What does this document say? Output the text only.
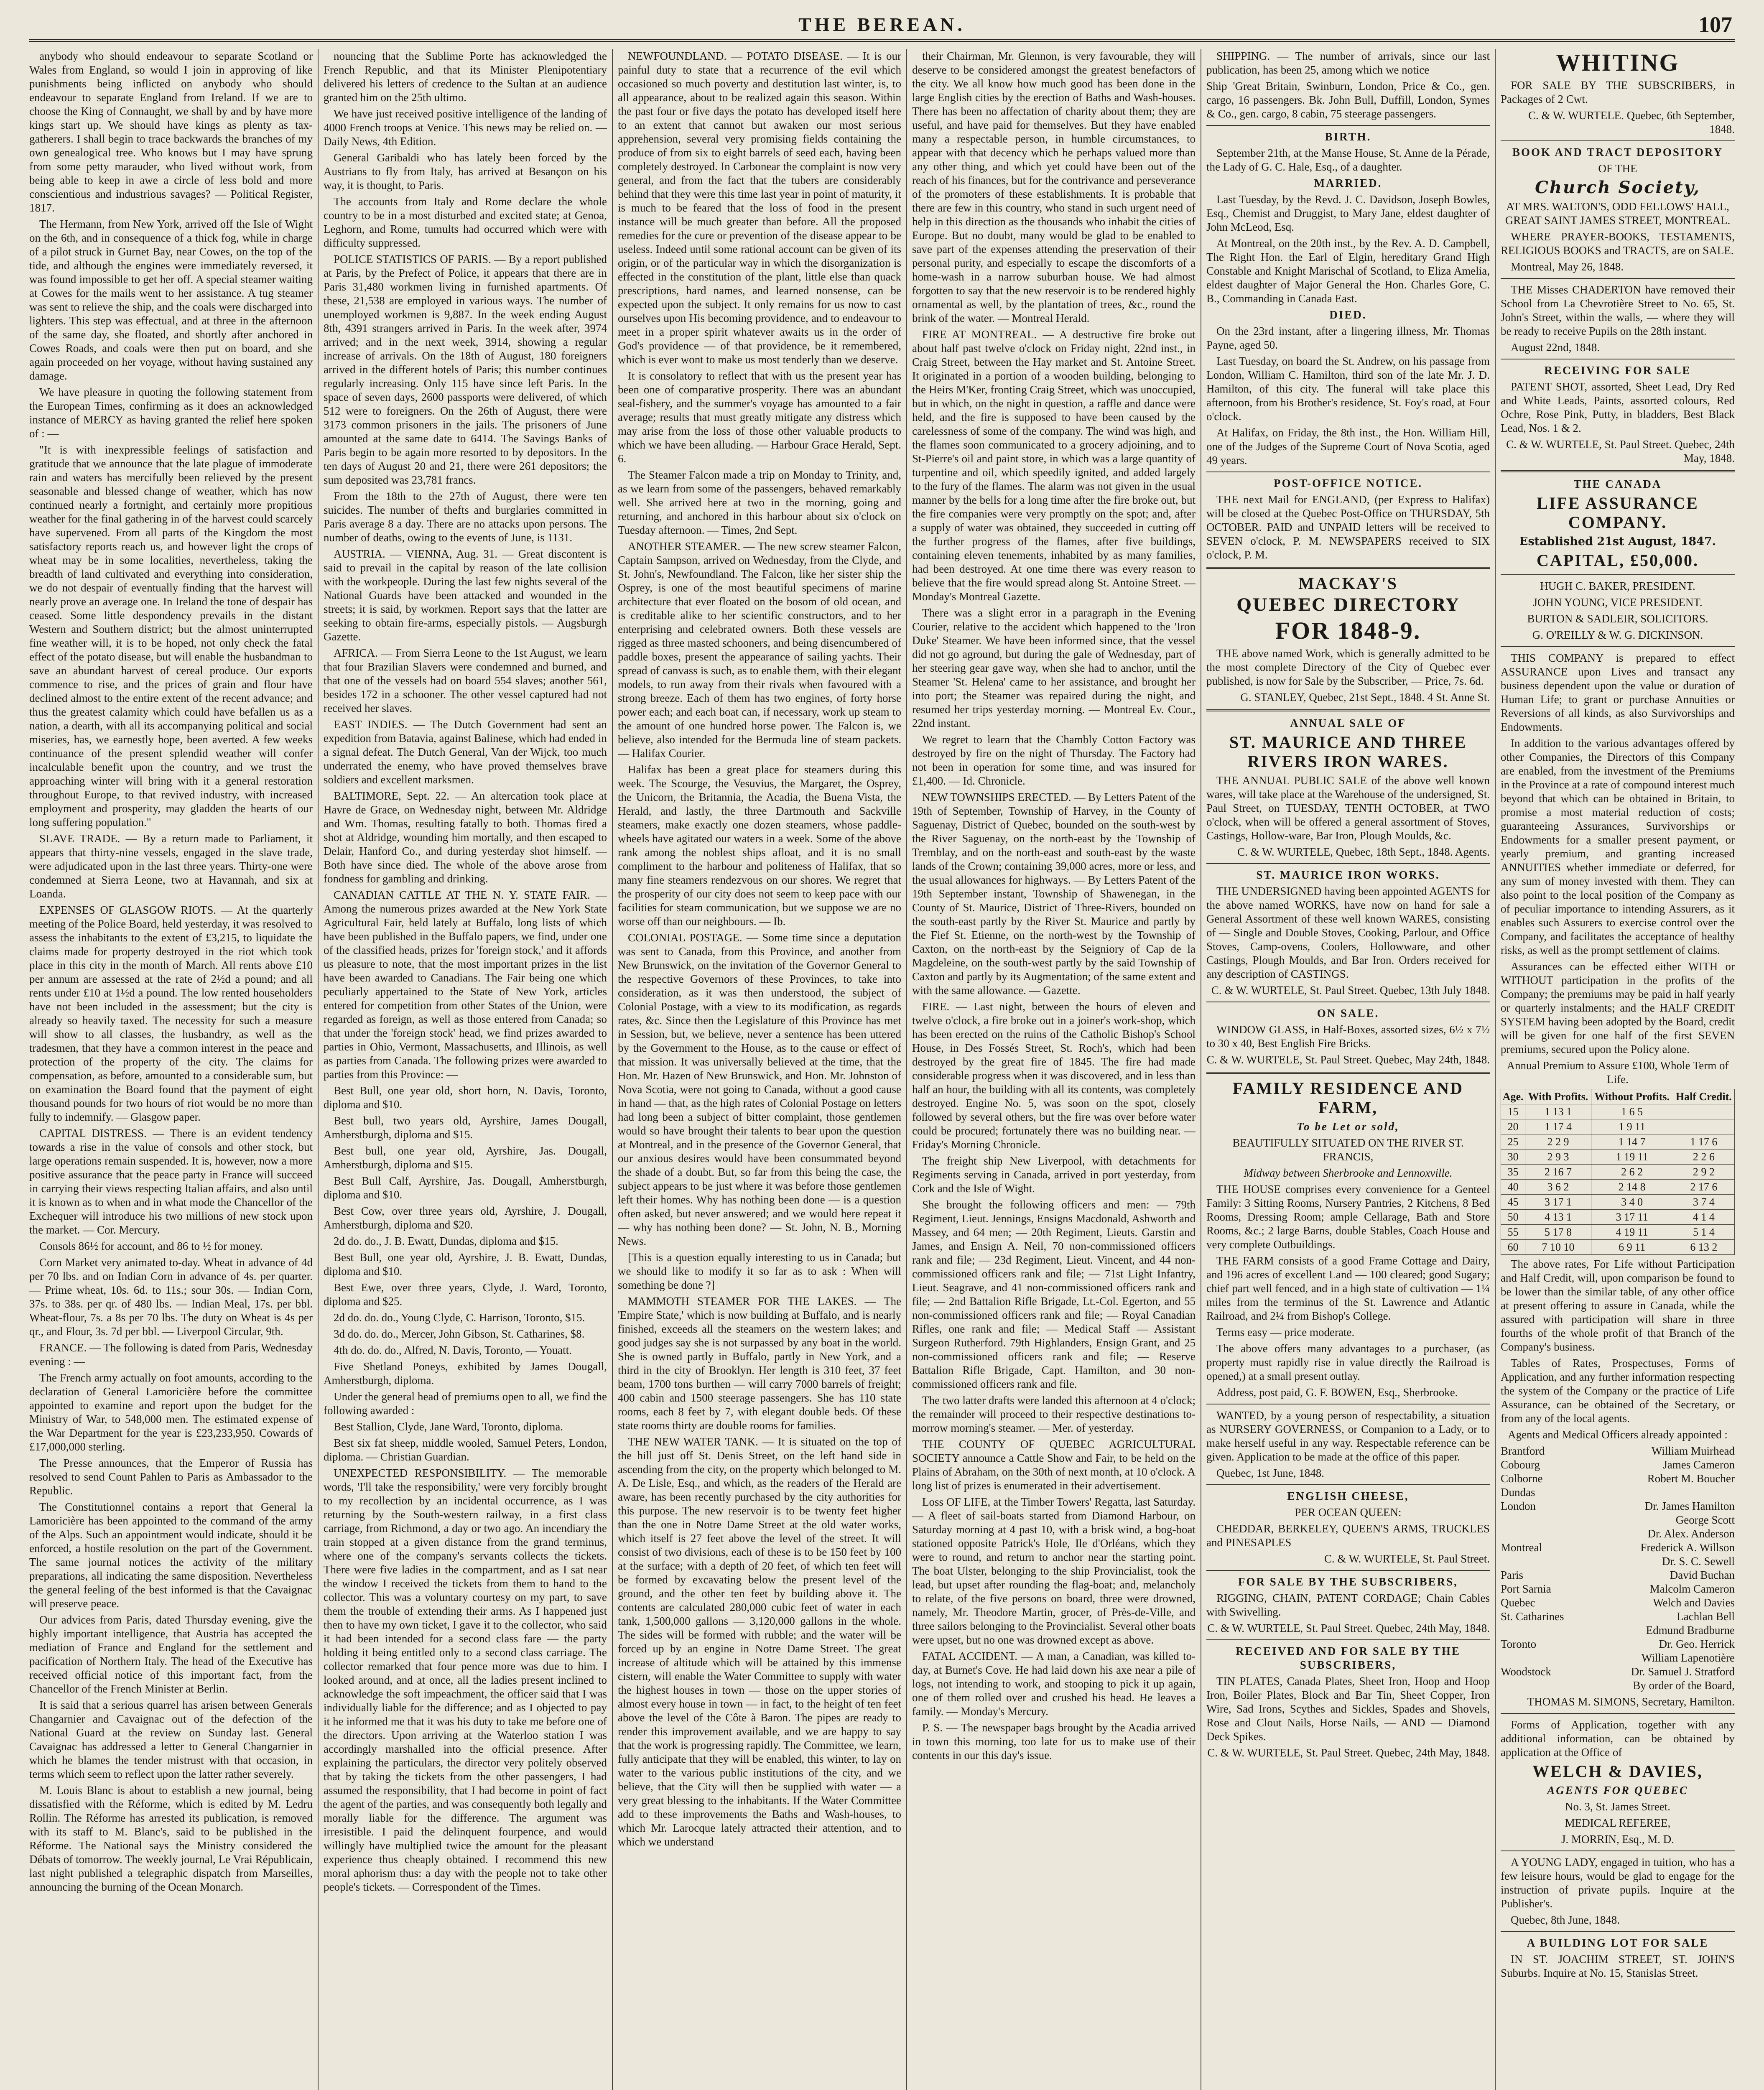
THE BEREAN.	107

anybody who should endeavour to separate Scotland or Wales from England, so would I join in approving of like punishments being inflicted on anybody who should endeavour to separate England from Ireland. If we are to choose the King of Connaught, we shall by and by have more kings start up. We should have kings as plenty as tax-gatherers. I shall begin to trace backwards the branches of my own genealogical tree. Who knows but I may have sprung from some petty marauder, who lived without work, from being able to keep in awe a circle of less bold and more conscientious and industrious savages? — Political Register, 1817.

The Hermann, from New York, arrived off the Isle of Wight on the 6th, and in consequence of a thick fog, while in charge of a pilot struck in Gurnet Bay, near Cowes, on the top of the tide, and although the engines were immediately reversed, it was found impossible to get her off. A special steamer waiting at Cowes for the mails went to her assistance. A tug steamer was sent to relieve the ship, and the coals were discharged into lighters. This step was effectual, and at three in the afternoon of the same day, she floated, and shortly after anchored in Cowes Roads, and coals were then put on board, and she again proceeded on her voyage, without having sustained any damage.

We have pleasure in quoting the following statement from the European Times, confirming as it does an acknowledged instance of MERCY as having granted the relief here spoken of : —

"It is with inexpressible feelings of satisfaction and gratitude that we announce that the late plague of immoderate rain and waters has mercifully been relieved by the present seasonable and blessed change of weather, which has now continued nearly a fortnight, and certainly more propitious weather for the final gathering in of the harvest could scarcely have supervened. From all parts of the Kingdom the most satisfactory reports reach us, and however light the crops of wheat may be in some localities, nevertheless, taking the breadth of land cultivated and everything into consideration, we do not despair of eventually finding that the harvest will nearly prove an average one. In Ireland the tone of despair has ceased. Some little despondency prevails in the distant Western and Southern district; but the almost uninterrupted fine weather will, it is to be hoped, not only check the fatal effect of the potato disease, but will enable the husbandman to save an abundant harvest of cereal produce. Our exports commence to rise, and the prices of grain and flour have declined almost to the entire extent of the recent advance; and thus the greatest calamity which could have befallen us as a nation, a dearth, with all its accompanying political and social miseries, has, we earnestly hope, been averted. A few weeks continuance of the present splendid weather will confer incalculable benefit upon the country, and we trust the approaching winter will bring with it a general restoration throughout Europe, to that revived industry, with increased employment and prosperity, may gladden the hearts of our long suffering population."

SLAVE TRADE. — By a return made to Parliament, it appears that thirty-nine vessels, engaged in the slave trade, were adjudicated upon in the last three years. Thirty-one were condemned at Sierra Leone, two at Havannah, and six at Loanda.

EXPENSES OF GLASGOW RIOTS. — At the quarterly meeting of the Police Board, held yesterday, it was resolved to assess the inhabitants to the extent of £3,215, to liquidate the claims made for property destroyed in the riot which took place in this city in the month of March. All rents above £10 per annum are assessed at the rate of 2½d a pound; and all rents under £10 at 1½d a pound. The low rented householders have not been included in the assessment; but the city is already so heavily taxed. The necessity for such a measure will show to all classes, the husbandry, as well as the tradesmen, that they have a common interest in the peace and protection of the property of the city. The claims for compensation, as before, amounted to a considerable sum, but on examination the Board found that the payment of eight thousand pounds for two hours of riot would be no more than fully to indemnify. — Glasgow paper.

CAPITAL DISTRESS. — There is an evident tendency towards a rise in the value of consols and other stock, but large operations remain suspended. It is, however, now a more positive assurance that the peace party in France will succeed in carrying their views respecting Italian affairs, and also until it is known as to when and in what mode the Chancellor of the Exchequer will introduce his two millions of new stock upon the market. — Cor. Mercury.

Consols 86½ for account, and 86 to ½ for money.

Corn Market very animated to-day. Wheat in advance of 4d per 70 lbs. and on Indian Corn in advance of 4s. per quarter. — Prime wheat, 10s. 6d. to 11s.; sour 30s. — Indian Corn, 37s. to 38s. per qr. of 480 lbs. — Indian Meal, 17s. per bbl. Wheat-flour, 7s. a 8s per 70 lbs. The duty on Wheat is 4s per qr., and Flour, 3s. 7d per bbl. — Liverpool Circular, 9th.

FRANCE. — The following is dated from Paris, Wednesday evening : —

The French army actually on foot amounts, according to the declaration of General Lamoricière before the committee appointed to examine and report upon the budget for the Ministry of War, to 548,000 men. The estimated expense of the War Department for the year is £23,233,950. Cowards of £17,000,000 sterling.

The Presse announces, that the Emperor of Russia has resolved to send Count Pahlen to Paris as Ambassador to the Republic.

The Constitutionnel contains a report that General la Lamoricière has been appointed to the command of the army of the Alps. Such an appointment would indicate, should it be enforced, a hostile resolution on the part of the Government. The same journal notices the activity of the military preparations, all indicating the same disposition. Nevertheless the general feeling of the best informed is that the Cavaignac will preserve peace.

Our advices from Paris, dated Thursday evening, give the highly important intelligence, that Austria has accepted the mediation of France and England for the settlement and pacification of Northern Italy. The head of the Executive has received official notice of this important fact, from the Chancellor of the French Minister at Berlin.

It is said that a serious quarrel has arisen between Generals Changarnier and Cavaignac out of the defection of the National Guard at the review on Sunday last. General Cavaignac has addressed a letter to General Changarnier in which he blames the tender mistrust with that occasion, in terms which seem to reflect upon the latter rather severely.

M. Louis Blanc is about to establish a new journal, being dissatisfied with the Réforme, which is edited by M. Ledru Rollin. The Réforme has arrested its publication, is removed with its staff to M. Blanc's, said to be published in the Réforme. The National says the Ministry considered the Débats of tomorrow. The weekly journal, Le Vrai Républicain, last night published a telegraphic dispatch from Marseilles, announcing the burning of the Ocean Monarch.

nouncing that the Sublime Porte has acknowledged the French Republic, and that its Minister Plenipotentiary delivered his letters of credence to the Sultan at an audience granted him on the 25th ultimo.

We have just received positive intelligence of the landing of 4000 French troops at Venice. This news may be relied on. — Daily News, 4th Edition.

General Garibaldi who has lately been forced by the Austrians to fly from Italy, has arrived at Besançon on his way, it is thought, to Paris.

The accounts from Italy and Rome declare the whole country to be in a most disturbed and excited state; at Genoa, Leghorn, and Rome, tumults had occurred which were with difficulty suppressed.

POLICE STATISTICS OF PARIS. — By a report published at Paris, by the Prefect of Police, it appears that there are in Paris 31,480 workmen living in furnished apartments. Of these, 21,538 are employed in various ways. The number of unemployed workmen is 9,887. In the week ending August 8th, 4391 strangers arrived in Paris. In the week after, 3974 arrived; and in the next week, 3914, showing a regular increase of arrivals. On the 18th of August, 180 foreigners arrived in the different hotels of Paris; this number continues regularly increasing. Only 115 have since left Paris. In the space of seven days, 2600 passports were delivered, of which 512 were to foreigners. On the 26th of August, there were 3173 common prisoners in the jails. The prisoners of June amounted at the same date to 6414. The Savings Banks of Paris begin to be again more resorted to by depositors. In the ten days of August 20 and 21, there were 261 depositors; the sum deposited was 23,781 francs.

From the 18th to the 27th of August, there were ten suicides. The number of thefts and burglaries committed in Paris average 8 a day. There are no attacks upon persons. The number of deaths, owing to the events of June, is 1131.

AUSTRIA. — VIENNA, Aug. 31. — Great discontent is said to prevail in the capital by reason of the late collision with the workpeople. During the last few nights several of the National Guards have been attacked and wounded in the streets; it is said, by workmen. Report says that the latter are seeking to obtain fire-arms, especially pistols. — Augsburgh Gazette.

AFRICA. — From Sierra Leone to the 1st August, we learn that four Brazilian Slavers were condemned and burned, and that one of the vessels had on board 554 slaves; another 561, besides 172 in a schooner. The other vessel captured had not received her slaves.

EAST INDIES. — The Dutch Government had sent an expedition from Batavia, against Balinese, which had ended in a signal defeat. The Dutch General, Van der Wijck, too much underrated the enemy, who have proved themselves brave soldiers and excellent marksmen.

BALTIMORE, Sept. 22. — An altercation took place at Havre de Grace, on Wednesday night, between Mr. Aldridge and Wm. Thomas, resulting fatally to both. Thomas fired a shot at Aldridge, wounding him mortally, and then escaped to Delair, Hanford Co., and during yesterday shot himself. — Both have since died. The whole of the above arose from fondness for gambling and drinking.

CANADIAN CATTLE AT THE N. Y. STATE FAIR. — Among the numerous prizes awarded at the New York State Agricultural Fair, held lately at Buffalo, long lists of which have been published in the Buffalo papers, we find, under one of the classified heads, prizes for 'foreign stock,' and it affords us pleasure to note, that the most important prizes in the list have been awarded to Canadians. The Fair being one which peculiarly appertained to the State of New York, articles entered for competition from other States of the Union, were regarded as foreign, as well as those entered from Canada; so that under the 'foreign stock' head, we find prizes awarded to parties in Ohio, Vermont, Massachusetts, and Illinois, as well as parties from Canada. The following prizes were awarded to parties from this Province: —

Best Bull, one year old, short horn, N. Davis, Toronto, diploma and $10.

Best bull, two years old, Ayrshire, James Dougall, Amherstburgh, diploma and $15.

Best bull, one year old, Ayrshire, Jas. Dougall, Amherstburgh, diploma and $15.

Best Bull Calf, Ayrshire, Jas. Dougall, Amherstburgh, diploma and $10.

Best Cow, over three years old, Ayrshire, J. Dougall, Amherstburgh, diploma and $20.

2d do. do., J. B. Ewatt, Dundas, diploma and $15.

Best Bull, one year old, Ayrshire, J. B. Ewatt, Dundas, diploma and $10.

Best Ewe, over three years, Clyde, J. Ward, Toronto, diploma and $25.

2d do. do. do., Young Clyde, C. Harrison, Toronto, $15.

3d do. do. do., Mercer, John Gibson, St. Catharines, $8.

4th do. do. do., Alfred, N. Davis, Toronto, — Youatt.

Five Shetland Poneys, exhibited by James Dougall, Amherstburgh, diploma.

Under the general head of premiums open to all, we find the following awarded :

Best Stallion, Clyde, Jane Ward, Toronto, diploma.

Best six fat sheep, middle wooled, Samuel Peters, London, diploma. — Christian Guardian.

UNEXPECTED RESPONSIBILITY. — The memorable words, 'I'll take the responsibility,' were very forcibly brought to my recollection by an incidental occurrence, as I was returning by the South-western railway, in a first class carriage, from Richmond, a day or two ago. An incendiary the train stopped at a given distance from the grand terminus, where one of the company's servants collects the tickets. There were five ladies in the compartment, and as I sat near the window I received the tickets from them to hand to the collector. This was a voluntary courtesy on my part, to save them the trouble of extending their arms. As I happened just then to have my own ticket, I gave it to the collector, who said it had been intended for a second class fare — the party holding it being entitled only to a second class carriage. The collector remarked that four pence more was due to him. I looked around, and at once, all the ladies present inclined to acknowledge the soft impeachment, the officer said that I was individually liable for the difference; and as I objected to pay it he informed me that it was his duty to take me before one of the directors. Upon arriving at the Waterloo station I was accordingly marshalled into the official presence. After explaining the particulars, the director very politely observed that by taking the tickets from the other passengers, I had assumed the responsibility, that I had become in point of fact the agent of the parties, and was consequently both legally and morally liable for the difference. The argument was irresistible. I paid the delinquent fourpence, and would willingly have multiplied twice the amount for the pleasant experience thus cheaply obtained. I recommend this new moral aphorism thus: a day with the people not to take other people's tickets. — Correspondent of the Times.

NEWFOUNDLAND. — POTATO DISEASE. — It is our painful duty to state that a recurrence of the evil which occasioned so much poverty and destitution last winter, is, to all appearance, about to be realized again this season. Within the past four or five days the potato has developed itself here to an extent that cannot but awaken our most serious apprehension, several very promising fields containing the produce of from six to eight barrels of seed each, having been completely destroyed. In Carbonear the complaint is now very general, and from the fact that the tubers are considerably behind that they were this time last year in point of maturity, it is much to be feared that the loss of food in the present instance will be much greater than before. All the proposed remedies for the cure or prevention of the disease appear to be useless. Indeed until some rational account can be given of its origin, or of the particular way in which the disorganization is effected in the constitution of the plant, little else than quack prescriptions, hard names, and learned nonsense, can be expected upon the subject. It only remains for us now to cast ourselves upon His becoming providence, and to endeavour to meet in a proper spirit whatever awaits us in the order of God's providence — of that providence, be it remembered, which is ever wont to make us most tenderly than we deserve.

It is consolatory to reflect that with us the present year has been one of comparative prosperity. There was an abundant seal-fishery, and the summer's voyage has amounted to a fair average; results that must greatly mitigate any distress which may arise from the loss of those other valuable products to which we have been alluding. — Harbour Grace Herald, Sept. 6.

The Steamer Falcon made a trip on Monday to Trinity, and, as we learn from some of the passengers, behaved remarkably well. She arrived here at two in the morning, going and returning, and anchored in this harbour about six o'clock on Tuesday afternoon. — Times, 2nd Sept.

ANOTHER STEAMER. — The new screw steamer Falcon, Captain Sampson, arrived on Wednesday, from the Clyde, and St. John's, Newfoundland. The Falcon, like her sister ship the Osprey, is one of the most beautiful specimens of marine architecture that ever floated on the bosom of old ocean, and is creditable alike to her scientific constructors, and to her enterprising and celebrated owners. Both these vessels are rigged as three masted schooners, and being disencumbered of paddle boxes, present the appearance of sailing yachts. Their spread of canvass is such, as to enable them, with their elegant models, to run away from their rivals when favoured with a strong breeze. Each of them has two engines, of forty horse power each; and each boat can, if necessary, work up steam to the amount of one hundred horse power. The Falcon is, we believe, also intended for the Bermuda line of steam packets. — Halifax Courier.

Halifax has been a great place for steamers during this week. The Scourge, the Vesuvius, the Margaret, the Osprey, the Unicorn, the Britannia, the Acadia, the Buena Vista, the Herald, and lastly, the three Dartmouth and Sackville steamers, make exactly one dozen steamers, whose paddle-wheels have agitated our waters in a week. Some of the above rank among the noblest ships afloat, and it is no small compliment to the harbour and politeness of Halifax, that so many fine steamers rendezvous on our shores. We regret that the prosperity of our city does not seem to keep pace with our facilities for steam communication, but we suppose we are no worse off than our neighbours. — Ib.

COLONIAL POSTAGE. — Some time since a deputation was sent to Canada, from this Province, and another from New Brunswick, on the invitation of the Governor General to the respective Governors of these Provinces, to take into consideration, as it was then understood, the subject of Colonial Postage, with a view to its modification, as regards rates, &c. Since then the Legislature of this Province has met in Session, but, we believe, never a sentence has been uttered by the Government to the House, as to the cause or effect of that mission. It was universally believed at the time, that the Hon. Mr. Hazen of New Brunswick, and Hon. Mr. Johnston of Nova Scotia, were not going to Canada, without a good cause in hand — that, as the high rates of Colonial Postage on letters had long been a subject of bitter complaint, those gentlemen would so have brought their talents to bear upon the question at Montreal, and in the presence of the Governor General, that our anxious desires would have been consummated beyond the shade of a doubt. But, so far from this being the case, the subject appears to be just where it was before those gentlemen left their homes. Why has nothing been done — is a question often asked, but never answered; and we would here repeat it — why has nothing been done? — St. John, N. B., Morning News.

[This is a question equally interesting to us in Canada; but we should like to modify it so far as to ask : When will something be done ?]

MAMMOTH STEAMER FOR THE LAKES. — The 'Empire State,' which is now building at Buffalo, and is nearly finished, exceeds all the steamers on the western lakes; and good judges say she is not surpassed by any boat in the world. She is owned partly in Buffalo, partly in New York, and a third in the city of Brooklyn. Her length is 310 feet, 37 feet beam, 1700 tons burthen — will carry 7000 barrels of freight; 400 cabin and 1500 steerage passengers. She has 110 state rooms, each 8 feet by 7, with elegant double beds. Of these state rooms thirty are double rooms for families.

THE NEW WATER TANK. — It is situated on the top of the hill just off St. Denis Street, on the left hand side in ascending from the city, on the property which belonged to M. A. De Lisle, Esq., and which, as the readers of the Herald are aware, has been recently purchased by the city authorities for this purpose. The new reservoir is to be twenty feet higher than the one in Notre Dame Street at the old water works, which itself is 27 feet above the level of the street. It will consist of two divisions, each of these is to be 150 feet by 100 at the surface; with a depth of 20 feet, of which ten feet will be formed by excavating below the present level of the ground, and the other ten feet by building above it. The contents are calculated 280,000 cubic feet of water in each tank, 1,500,000 gallons — 3,120,000 gallons in the whole. The sides will be formed with rubble; and the water will be forced up by an engine in Notre Dame Street. The great increase of altitude which will be attained by this immense cistern, will enable the Water Committee to supply with water the highest houses in town — those on the upper stories of almost every house in town — in fact, to the height of ten feet above the level of the Côte à Baron. The pipes are ready to render this improvement available, and we are happy to say that the work is progressing rapidly. The Committee, we learn, fully anticipate that they will be enabled, this winter, to lay on water to the various public institutions of the city, and we believe, that the City will then be supplied with water — a very great blessing to the inhabitants. If the Water Committee add to these improvements the Baths and Wash-houses, to which Mr. Larocque lately attracted their attention, and to which we understand

their Chairman, Mr. Glennon, is very favourable, they will deserve to be considered amongst the greatest benefactors of the city. We all know how much good has been done in the large English cities by the erection of Baths and Wash-houses. There has been no affectation of charity about them; they are useful, and have paid for themselves. But they have enabled many a respectable person, in humble circumstances, to appear with that decency which he perhaps valued more than any other thing, and which yet could have been out of the reach of his finances, but for the contrivance and perseverance of the promoters of these establishments. It is probable that there are few in this country, who stand in such urgent need of help in this direction as the thousands who inhabit the cities of Europe. But no doubt, many would be glad to be enabled to save part of the expenses attending the preservation of their personal purity, and especially to escape the discomforts of a home-wash in a narrow suburban house. We had almost forgotten to say that the new reservoir is to be rendered highly ornamental as well, by the plantation of trees, &c., round the brink of the water. — Montreal Herald.

FIRE AT MONTREAL. — A destructive fire broke out about half past twelve o'clock on Friday night, 22nd inst., in Craig Street, between the Hay market and St. Antoine Street. It originated in a portion of a wooden building, belonging to the Heirs M'Ker, fronting Craig Street, which was unoccupied, but in which, on the night in question, a raffle and dance were held, and the fire is supposed to have been caused by the carelessness of some of the company. The wind was high, and the flames soon communicated to a grocery adjoining, and to St-Pierre's oil and paint store, in which was a large quantity of turpentine and oil, which speedily ignited, and added largely to the fury of the flames. The alarm was not given in the usual manner by the bells for a long time after the fire broke out, but the fire companies were very promptly on the spot; and, after a supply of water was obtained, they succeeded in cutting off the further progress of the flames, after five buildings, containing eleven tenements, inhabited by as many families, had been destroyed. At one time there was every reason to believe that the fire would spread along St. Antoine Street. — Monday's Montreal Gazette.

There was a slight error in a paragraph in the Evening Courier, relative to the accident which happened to the 'Iron Duke' Steamer. We have been informed since, that the vessel did not go aground, but during the gale of Wednesday, part of her steering gear gave way, when she had to anchor, until the Steamer 'St. Helena' came to her assistance, and brought her into port; the Steamer was repaired during the night, and resumed her trips yesterday morning. — Montreal Ev. Cour., 22nd instant.

We regret to learn that the Chambly Cotton Factory was destroyed by fire on the night of Thursday. The Factory had not been in operation for some time, and was insured for £1,400. — Id. Chronicle.

NEW TOWNSHIPS ERECTED. — By Letters Patent of the 19th of September, Township of Harvey, in the County of Saguenay, District of Quebec, bounded on the south-west by the River Saguenay, on the north-east by the Township of Tremblay, and on the north-east and south-east by the waste lands of the Crown; containing 39,000 acres, more or less, and the usual allowances for highways. — By Letters Patent of the 19th September instant, Township of Shawenegan, in the County of St. Maurice, District of Three-Rivers, bounded on the south-east partly by the River St. Maurice and partly by the Fief St. Etienne, on the north-west by the Township of Caxton, on the north-east by the Seigniory of Cap de la Magdeleine, on the south-west partly by the said Township of Caxton and partly by its Augmentation; of the same extent and with the same allowance. — Gazette.

FIRE. — Last night, between the hours of eleven and twelve o'clock, a fire broke out in a joiner's work-shop, which has been erected on the ruins of the Catholic Bishop's School House, in Des Fossés Street, St. Roch's, which had been destroyed by the great fire of 1845. The fire had made considerable progress when it was discovered, and in less than half an hour, the building with all its contents, was completely destroyed. Engine No. 5, was soon on the spot, closely followed by several others, but the fire was over before water could be procured; fortunately there was no building near. — Friday's Morning Chronicle.

The freight ship New Liverpool, with detachments for Regiments serving in Canada, arrived in port yesterday, from Cork and the Isle of Wight.

She brought the following officers and men: — 79th Regiment, Lieut. Jennings, Ensigns Macdonald, Ashworth and Massey, and 64 men; — 20th Regiment, Lieuts. Garstin and James, and Ensign A. Neil, 70 non-commissioned officers rank and file; — 23d Regiment, Lieut. Vincent, and 44 non-commissioned officers rank and file; — 71st Light Infantry, Lieut. Seagrave, and 41 non-commissioned officers rank and file; — 2nd Battalion Rifle Brigade, Lt.-Col. Egerton, and 55 non-commissioned officers rank and file; — Royal Canadian Rifles, one rank and file; — Medical Staff — Assistant Surgeon Rutherford. 79th Highlanders, Ensign Grant, and 25 non-commissioned officers rank and file; — Reserve Battalion Rifle Brigade, Capt. Hamilton, and 30 non-commissioned officers rank and file.

The two latter drafts were landed this afternoon at 4 o'clock; the remainder will proceed to their respective destinations to-morrow morning's steamer. — Mer. of yesterday.

THE COUNTY OF QUEBEC AGRICULTURAL SOCIETY announce a Cattle Show and Fair, to be held on the Plains of Abraham, on the 30th of next month, at 10 o'clock. A long list of prizes is enumerated in their advertisement.

Loss OF LIFE, at the Timber Towers' Regatta, last Saturday. — A fleet of sail-boats started from Diamond Harbour, on Saturday morning at 4 past 10, with a brisk wind, a bog-boat stationed opposite Patrick's Hole, Ile d'Orléans, which they were to round, and return to anchor near the starting point. The boat Ulster, belonging to the ship Provincialist, took the lead, but upset after rounding the flag-boat; and, melancholy to relate, of the five persons on board, three were drowned, namely, Mr. Theodore Martin, grocer, of Près-de-Ville, and three sailors belonging to the Provincialist. Several other boats were upset, but no one was drowned except as above.

FATAL ACCIDENT. — A man, a Canadian, was killed to-day, at Burnet's Cove. He had laid down his axe near a pile of logs, not intending to work, and stooping to pick it up again, one of them rolled over and crushed his head. He leaves a family. — Monday's Mercury.

P. S. — The newspaper bags brought by the Acadia arrived in town this morning, too late for us to make use of their contents in our this day's issue.

SHIPPING. — The number of arrivals, since our last publication, has been 25, among which we notice

Ship 'Great Britain, Swinburn, London, Price & Co., gen. cargo, 16 passengers. Bk. John Bull, Duffill, London, Symes & Co., gen. cargo, 8 cabin, 75 steerage passengers.

BIRTH.

September 21th, at the Manse House, St. Anne de la Pérade, the Lady of G. C. Hale, Esq., of a daughter.

MARRIED.

Last Tuesday, by the Revd. J. C. Davidson, Joseph Bowles, Esq., Chemist and Druggist, to Mary Jane, eldest daughter of John McLeod, Esq.

At Montreal, on the 20th inst., by the Rev. A. D. Campbell, The Right Hon. the Earl of Elgin, hereditary Grand High Constable and Knight Marischal of Scotland, to Eliza Amelia, eldest daughter of Major General the Hon. Charles Gore, C. B., Commanding in Canada East.

DIED.

On the 23rd instant, after a lingering illness, Mr. Thomas Payne, aged 50.

Last Tuesday, on board the St. Andrew, on his passage from London, William C. Hamilton, third son of the late Mr. J. D. Hamilton, of this city. The funeral will take place this afternoon, from his Brother's residence, St. Foy's road, at Four o'clock.

At Halifax, on Friday, the 8th inst., the Hon. William Hill, one of the Judges of the Supreme Court of Nova Scotia, aged 49 years.

POST-OFFICE NOTICE.

THE next Mail for ENGLAND, (per Express to Halifax) will be closed at the Quebec Post-Office on THURSDAY, 5th OCTOBER. PAID and UNPAID letters will be received to SEVEN o'clock, P. M. NEWSPAPERS received to SIX o'clock, P. M.

MACKAY'S

QUEBEC DIRECTORY

FOR 1848-9.

THE above named Work, which is generally admitted to be the most complete Directory of the City of Quebec ever published, is now for Sale by the Subscriber, — Price, 7s. 6d.

G. STANLEY, Quebec, 21st Sept., 1848. 4 St. Anne St.

ANNUAL SALE OF

ST. MAURICE AND THREE RIVERS IRON WARES.

THE ANNUAL PUBLIC SALE of the above well known wares, will take place at the Warehouse of the undersigned, St. Paul Street, on TUESDAY, TENTH OCTOBER, at TWO o'clock, when will be offered a general assortment of Stoves, Castings, Hollow-ware, Bar Iron, Plough Moulds, &c.

C. & W. WURTELE, Quebec, 18th Sept., 1848. Agents.

ST. MAURICE IRON WORKS.

THE UNDERSIGNED having been appointed AGENTS for the above named WORKS, have now on hand for sale a General Assortment of these well known WARES, consisting of — Single and Double Stoves, Cooking, Parlour, and Office Stoves, Camp-ovens, Coolers, Hollowware, and other Castings, Plough Moulds, and Bar Iron. Orders received for any description of CASTINGS.

C. & W. WURTELE, St. Paul Street. Quebec, 13th July 1848.

ON SALE.

WINDOW GLASS, in Half-Boxes, assorted sizes, 6½ x 7½ to 30 x 40, Best English Fire Bricks.

C. & W. WURTELE, St. Paul Street. Quebec, May 24th, 1848.

FAMILY RESIDENCE AND FARM,

To be Let or sold,

BEAUTIFULLY SITUATED ON THE RIVER ST. FRANCIS,

Midway between Sherbrooke and Lennoxville.

THE HOUSE comprises every convenience for a Genteel Family: 3 Sitting Rooms, Nursery Pantries, 2 Kitchens, 8 Bed Rooms, Dressing Room; ample Cellarage, Bath and Store Rooms, &c.; 2 large Barns, double Stables, Coach House and very complete Outbuildings.

THE FARM consists of a good Frame Cottage and Dairy, and 196 acres of excellent Land — 100 cleared; good Sugary; chief part well fenced, and in a high state of cultivation — 1¼ miles from the terminus of the St. Lawrence and Atlantic Railroad, and 2¼ from Bishop's College.

Terms easy — price moderate.

The above offers many advantages to a purchaser, (as property must rapidly rise in value directly the Railroad is opened,) at a small present outlay.

Address, post paid, G. F. BOWEN, Esq., Sherbrooke.

WANTED, by a young person of respectability, a situation as NURSERY GOVERNESS, or Companion to a Lady, or to make herself useful in any way. Respectable reference can be given. Application to be made at the office of this paper.

Quebec, 1st June, 1848.

ENGLISH CHEESE,

PER OCEAN QUEEN:

CHEDDAR, BERKELEY, QUEEN'S ARMS, TRUCKLES and PINESAPLES

C. & W. WURTELE, St. Paul Street.

FOR SALE BY THE SUBSCRIBERS,

RIGGING, CHAIN, PATENT CORDAGE; Chain Cables with Swivelling.

C. & W. WURTELE, St. Paul Street. Quebec, 24th May, 1848.

RECEIVED AND FOR SALE BY THE SUBSCRIBERS,

TIN PLATES, Canada Plates, Sheet Iron, Hoop and Hoop Iron, Boiler Plates, Block and Bar Tin, Sheet Copper, Iron Wire, Sad Irons, Scythes and Sickles, Spades and Shovels, Rose and Clout Nails, Horse Nails, — AND — Diamond Deck Spikes.

C. & W. WURTELE, St. Paul Street. Quebec, 24th May, 1848.

WHITING

FOR SALE BY THE SUBSCRIBERS, in Packages of 2 Cwt.

C. & W. WURTELE. Quebec, 6th September, 1848.

BOOK AND TRACT DEPOSITORY

OF THE

Church Society,

AT MRS. WALTON'S, ODD FELLOWS' HALL, GREAT SAINT JAMES STREET, MONTREAL.

WHERE PRAYER-BOOKS, TESTAMENTS, RELIGIOUS BOOKS and TRACTS, are on SALE.

Montreal, May 26, 1848.

THE Misses CHADERTON have removed their School from La Chevrotière Street to No. 65, St. John's Street, within the walls, — where they will be ready to receive Pupils on the 28th instant.

August 22nd, 1848.

RECEIVING FOR SALE

PATENT SHOT, assorted, Sheet Lead, Dry Red and White Leads, Paints, assorted colours, Red Ochre, Rose Pink, Putty, in bladders, Best Black Lead, Nos. 1 & 2.

C. & W. WURTELE, St. Paul Street. Quebec, 24th May, 1848.

THE CANADA

LIFE ASSURANCE COMPANY.

Established 21st August, 1847.

CAPITAL, £50,000.

HUGH C. BAKER, PRESIDENT.

JOHN YOUNG, VICE PRESIDENT.

BURTON & SADLEIR, SOLICITORS.

G. O'REILLY & W. G. DICKINSON.

THIS COMPANY is prepared to effect ASSURANCE upon Lives and transact any business dependent upon the value or duration of Human Life; to grant or purchase Annuities or Reversions of all kinds, as also Survivorships and Endowments.

In addition to the various advantages offered by other Companies, the Directors of this Company are enabled, from the investment of the Premiums in the Province at a rate of compound interest much beyond that which can be obtained in Britain, to promise a most material reduction of costs; guaranteeing Assurances, Survivorships or Endowments for a smaller present payment, or yearly premium, and granting increased ANNUITIES whether immediate or deferred, for any sum of money invested with them. They can also point to the local position of the Company as of peculiar importance to intending Assurers, as it enables such Assurers to exercise control over the Company, and facilitates the acceptance of healthy risks, as well as the prompt settlement of claims.

Assurances can be effected either WITH or WITHOUT participation in the profits of the Company; the premiums may be paid in half yearly or quarterly instalments; and the HALF CREDIT SYSTEM having been adopted by the Board, credit will be given for one half of the first SEVEN premiums, secured upon the Policy alone.

Annual Premium to Assure £100, Whole Term of Life.

Age.	With Profits.	Without Profits.	Half Credit.
15	1 13 1	1 6 5	
20	1 17 4	1 9 11	
25	2 2 9	1 14 7	1 17 6
30	2 9 3	1 19 11	2 2 6
35	2 16 7	2 6 2	2 9 2
40	3 6 2	2 14 8	2 17 6
45	3 17 1	3 4 0	3 7 4
50	4 13 1	3 17 11	4 1 4
55	5 17 8	4 19 11	5 1 4
60	7 10 10	6 9 11	6 13 2

The above rates, For Life without Participation and Half Credit, will, upon comparison be found to be lower than the similar table, of any other office at present offering to assure in Canada, while the assured with participation will share in three fourths of the whole profit of that Branch of the Company's business.

Tables of Rates, Prospectuses, Forms of Application, and any further information respecting the system of the Company or the practice of Life Assurance, can be obtained of the Secretary, or from any of the local agents.

Agents and Medical Officers already appointed :

Brantford	William Muirhead
Cobourg	James Cameron
Colborne	Robert M. Boucher
Dundas
London	Dr. James Hamilton
George Scott
Dr. Alex. Anderson
Montreal	Frederick A. Willson
Dr. S. C. Sewell
Paris	David Buchan
Port Sarnia	Malcolm Cameron
Quebec	Welch and Davies
St. Catharines	Lachlan Bell
Edmund Bradburne
Toronto	Dr. Geo. Herrick
William Lapenotière
Woodstock	Dr. Samuel J. Stratford

By order of the Board,

THOMAS M. SIMONS, Secretary, Hamilton.

Forms of Application, together with any additional information, can be obtained by application at the Office of

WELCH & DAVIES,

AGENTS FOR QUEBEC

No. 3, St. James Street.

MEDICAL REFEREE,

J. MORRIN, Esq., M. D.

A YOUNG LADY, engaged in tuition, who has a few leisure hours, would be glad to engage for the instruction of private pupils. Inquire at the Publisher's.

Quebec, 8th June, 1848.

A BUILDING LOT FOR SALE

IN ST. JOACHIM STREET, ST. JOHN'S Suburbs. Inquire at No. 15, Stanislas Street.
